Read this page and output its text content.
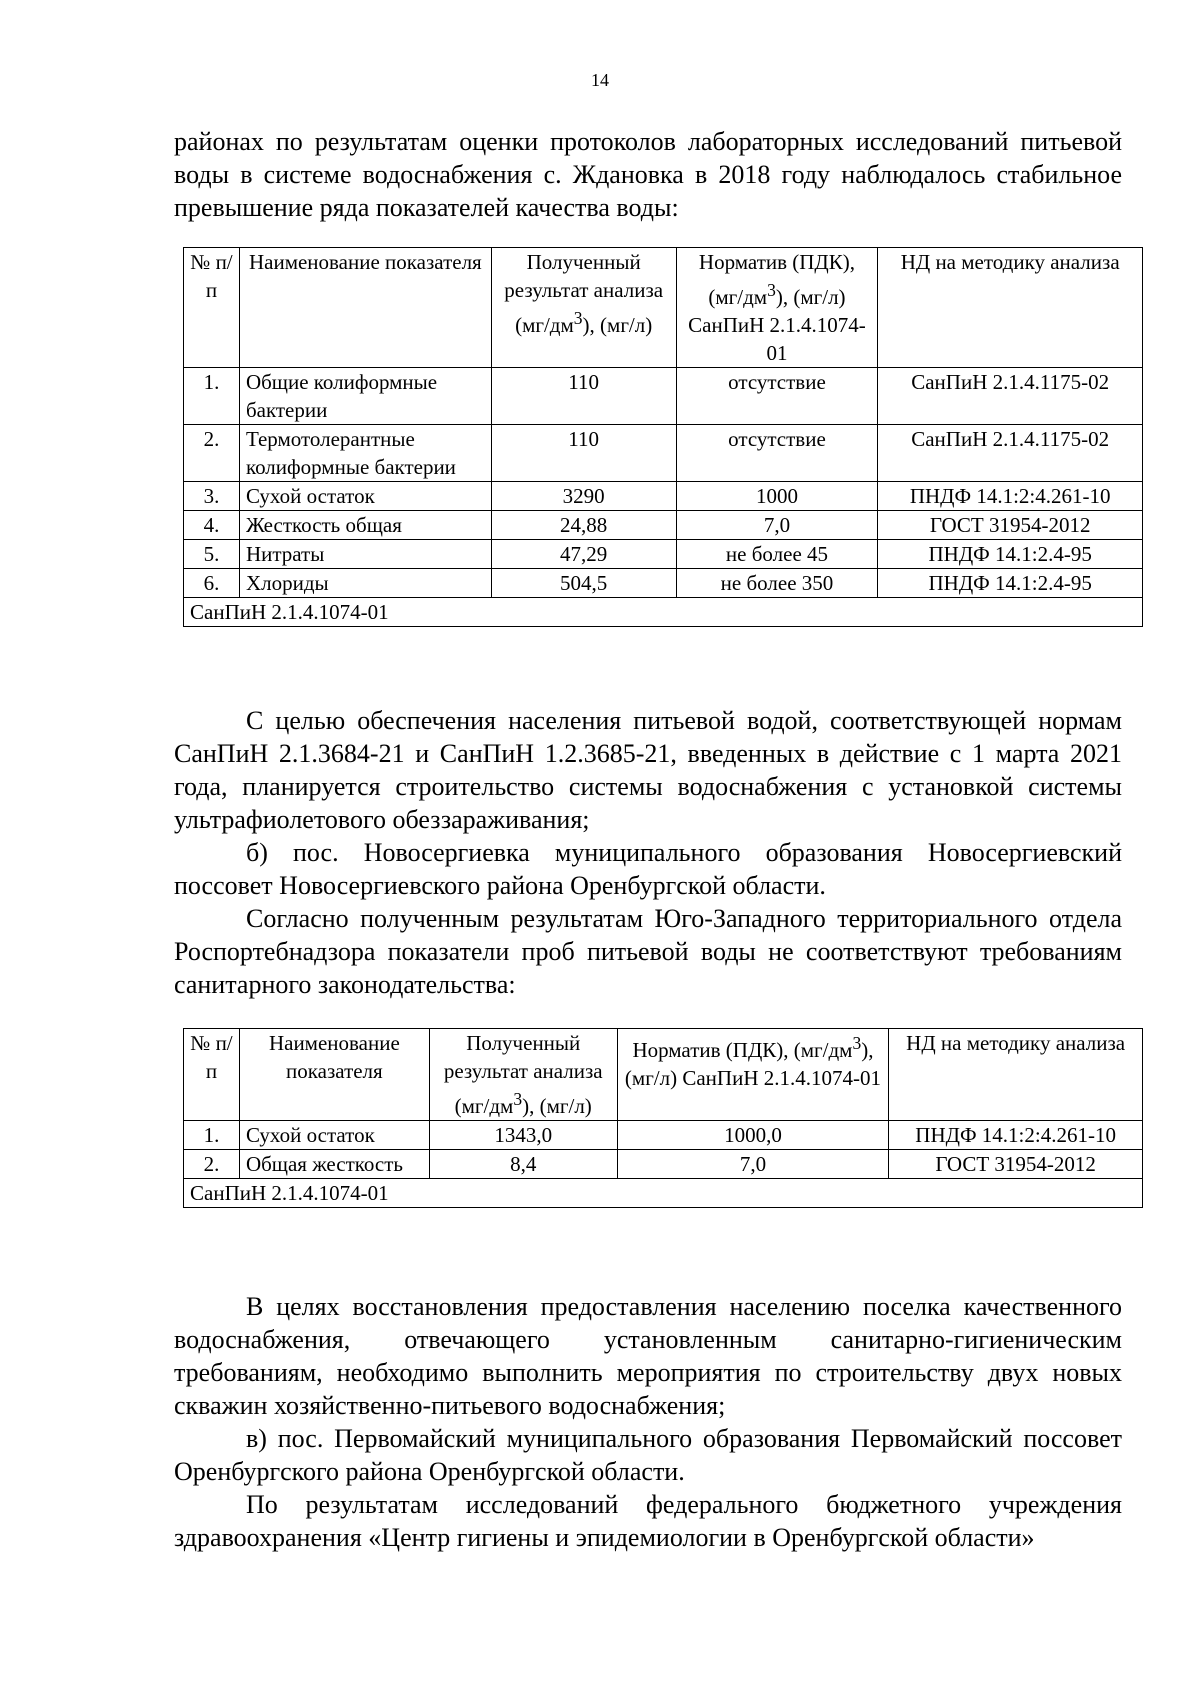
14

районах по результатам оценки протоколов лабораторных исследований питьевой воды в системе водоснабжения с. Ждановка в 2018 году наблюдалось стабильное превышение ряда показателей качества воды:

№ п/п	Наименование показателя	Полученный результат анализа $(мг/дм^3)$, (мг/л)	Норматив (ПДК), $(мг/дм^3)$, (мг/л) СанПиН 2.1.4.1074-01	НД на методику анализа
1.	Общие колиформные бактерии	110	отсутствие	СанПиН 2.1.4.1175-02
2.	Термотолерантные колиформные бактерии	110	отсутствие	СанПиН 2.1.4.1175-02
3.	Сухой остаток	3290	1000	ПНДФ 14.1:2:4.261-10
4.	Жесткость общая	24,88	7,0	ГОСТ 31954-2012
5.	Нитраты	47,29	не более 45	ПНДФ 14.1:2.4-95
6.	Хлориды	504,5	не более 350	ПНДФ 14.1:2.4-95
СанПиН 2.1.4.1074-01				

С целью обеспечения населения питьевой водой, соответствующей нормам СанПиН 2.1.3684-21 и СанПиН 1.2.3685-21, введенных в действие с 1 марта 2021 года, планируется строительство системы водоснабжения с установкой системы ультрафиолетового обеззараживания;

б) пос. Новосергиевка муниципального образования Новосергиевский поссовет Новосергиевского района Оренбургской области.

Согласно полученным результатам Юго-Западного территориального отдела Роспортебнадзора показатели проб питьевой воды не соответствуют требованиям санитарного законодательства:

№ п/п	Наименование показателя	Полученный результат анализа $(мг/дм^3)$, (мг/л)	Норматив (ПДК), $(мг/дм^3)$, (мг/л) СанПиН 2.1.4.1074-01	НД на методику анализа
1.	Сухой остаток	1343,0	1000,0	ПНДФ 14.1:2:4.261-10
2.	Общая жесткость	8,4	7,0	ГОСТ 31954-2012
СанПиН 2.1.4.1074-01				

В целях восстановления предоставления населению поселка качественного водоснабжения, отвечающего установленным санитарно-гигиеническим требованиям, необходимо выполнить мероприятия по строительству двух новых скважин хозяйственно-питьевого водоснабжения;

в) пос. Первомайский муниципального образования Первомайский поссовет Оренбургского района Оренбургской области.

По результатам исследований федерального бюджетного учреждения здравоохранения «Центр гигиены и эпидемиологии в Оренбургской области»
